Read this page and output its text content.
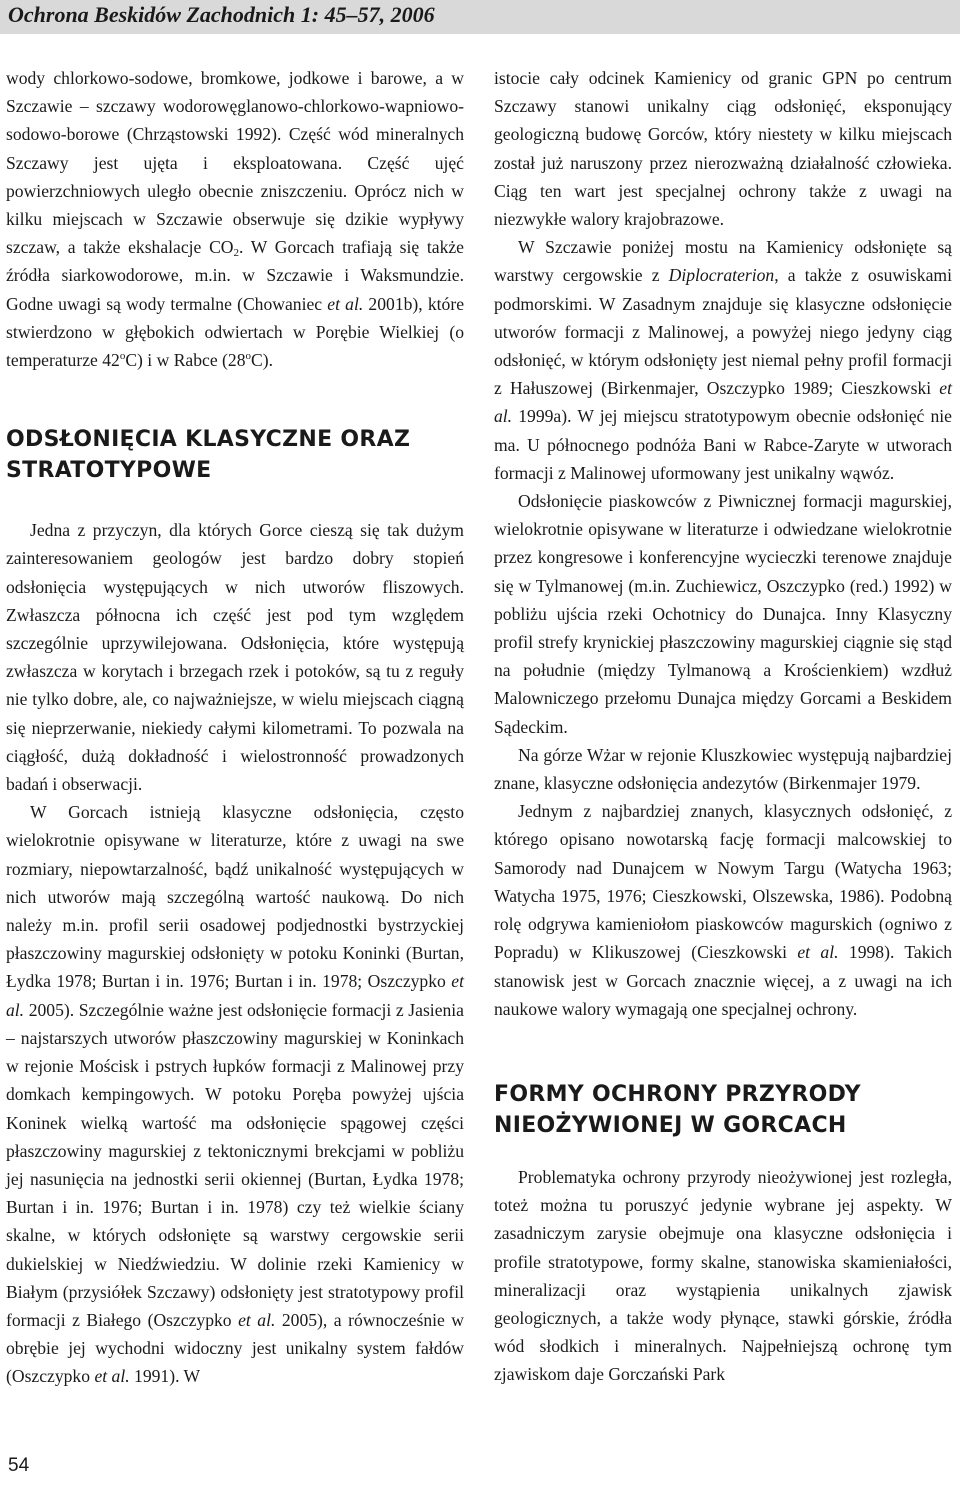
Ochrona Beskidów Zachodnich 1: 45–57, 2006

wody chlorkowo-sodowe, bromkowe, jodkowe i barowe, a w Szczawie – szczawy wodorowęglanowo-chlorkowo-wapniowo-sodowo-borowe (Chrząstowski 1992). Część wód mineralnych Szczawy jest ujęta i eksploatowana. Część ujęć powierzchniowych uległo obecnie zniszczeniu. Oprócz nich w kilku miejscach w Szczawie obserwuje się dzikie wypływy szczaw, a także ekshalacje $CO_2$. W Gorcach trafiają się także źródła siarkowodorowe, m.in. w Szczawie i Waksmundzie. Godne uwagi są wody termalne (Chowaniec et al. 2001b), które stwierdzono w głębokich odwiertach w Porębie Wielkiej (o temperaturze 42$^o$C) i w Rabce (28$^o$C).

ODSŁONIĘCIA KLASYCZNE ORAZ
STRATOTYPOWE

Jedna z przyczyn, dla których Gorce cieszą się tak dużym zainteresowaniem geologów jest bardzo dobry stopień odsłonięcia występujących w nich utworów fliszowych. Zwłaszcza północna ich część jest pod tym względem szczególnie uprzywilejowana. Odsłonięcia, które występują zwłaszcza w korytach i brzegach rzek i potoków, są tu z reguły nie tylko dobre, ale, co najważniejsze, w wielu miejscach ciągną się nieprzerwanie, niekiedy całymi kilometrami. To pozwala na ciągłość, dużą dokładność i wielostronność prowadzonych badań i obserwacji.

W Gorcach istnieją klasyczne odsłonięcia, często wielokrotnie opisywane w literaturze, które z uwagi na swe rozmiary, niepowtarzalność, bądź unikalność występujących w nich utworów mają szczególną wartość naukową. Do nich należy m.in. profil serii osadowej podjednostki bystrzyckiej płaszczowiny magurskiej odsłonięty w potoku Koninki (Burtan, Łydka 1978; Burtan i in. 1976; Burtan i in. 1978; Oszczypko et al. 2005). Szczególnie ważne jest odsłonięcie formacji z Jasienia – najstarszych utworów płaszczowiny magurskiej w Koninkach w rejonie Mościsk i pstrych łupków formacji z Malinowej przy domkach kempingowych. W potoku Poręba powyżej ujścia Koninek wielką wartość ma odsłonięcie spągowej części płaszczowiny magurskiej z tektonicznymi brekcjami w pobliżu jej nasunięcia na jednostki serii okiennej (Burtan, Łydka 1978; Burtan i in. 1976; Burtan i in. 1978) czy też wielkie ściany skalne, w których odsłonięte są warstwy cergowskie serii dukielskiej w Niedźwiedziu. W dolinie rzeki Kamienicy w Białym (przysiółek Szczawy) odsłonięty jest stratotypowy profil formacji z Białego (Oszczypko et al. 2005), a równocześnie w obrębie jej wychodni widoczny jest unikalny system fałdów (Oszczypko et al. 1991). W

istocie cały odcinek Kamienicy od granic GPN po centrum Szczawy stanowi unikalny ciąg odsłonięć, eksponujący geologiczną budowę Gorców, który niestety w kilku miejscach został już naruszony przez nierozważną działalność człowieka. Ciąg ten wart jest specjalnej ochrony także z uwagi na niezwykłe walory krajobrazowe.

W Szczawie poniżej mostu na Kamienicy odsłonięte są warstwy cergowskie z Diplocraterion, a także z osuwiskami podmorskimi. W Zasadnym znajduje się klasyczne odsłonięcie utworów formacji z Malinowej, a powyżej niego jedyny ciąg odsłonięć, w którym odsłonięty jest niemal pełny profil formacji z Hałuszowej (Birkenmajer, Oszczypko 1989; Cieszkowski et al. 1999a). W jej miejscu stratotypowym obecnie odsłonięć nie ma. U północnego podnóża Bani w Rabce-Zaryte w utworach formacji z Malinowej uformowany jest unikalny wąwóz.

Odsłonięcie piaskowców z Piwnicznej formacji magurskiej, wielokrotnie opisywane w literaturze i odwiedzane wielokrotnie przez kongresowe i konferencyjne wycieczki terenowe znajduje się w Tylmanowej (m.in. Zuchiewicz, Oszczypko (red.) 1992) w pobliżu ujścia rzeki Ochotnicy do Dunajca. Inny Klasyczny profil strefy krynickiej płaszczowiny magurskiej ciągnie się stąd na południe (między Tylmanową a Krościenkiem) wzdłuż Malowniczego przełomu Dunajca między Gorcami a Beskidem Sądeckim.

Na górze Wżar w rejonie Kluszkowiec występują najbardziej znane, klasyczne odsłonięcia andezytów (Birkenmajer 1979.

Jednym z najbardziej znanych, klasycznych odsłonięć, z którego opisano nowotarską fację formacji malcowskiej to Samorody nad Dunajcem w Nowym Targu (Watycha 1963; Watycha 1975, 1976; Cieszkowski, Olszewska, 1986). Podobną rolę odgrywa kamieniołom piaskowców magurskich (ogniwo z Popradu) w Klikuszowej (Cieszkowski et al. 1998). Takich stanowisk jest w Gorcach znacznie więcej, a z uwagi na ich naukowe walory wymagają one specjalnej ochrony.

FORMY OCHRONY PRZYRODY
NIEOŻYWIONEJ W GORCACH

Problematyka ochrony przyrody nieożywionej jest rozległa, toteż można tu poruszyć jedynie wybrane jej aspekty. W zasadniczym zarysie obejmuje ona klasyczne odsłonięcia i profile stratotypowe, formy skalne, stanowiska skamieniałości, mineralizacji oraz wystąpienia unikalnych zjawisk geologicznych, a także wody płynące, stawki górskie, źródła wód słodkich i mineralnych. Najpełniejszą ochronę tym zjawiskom daje Gorczański Park

54
